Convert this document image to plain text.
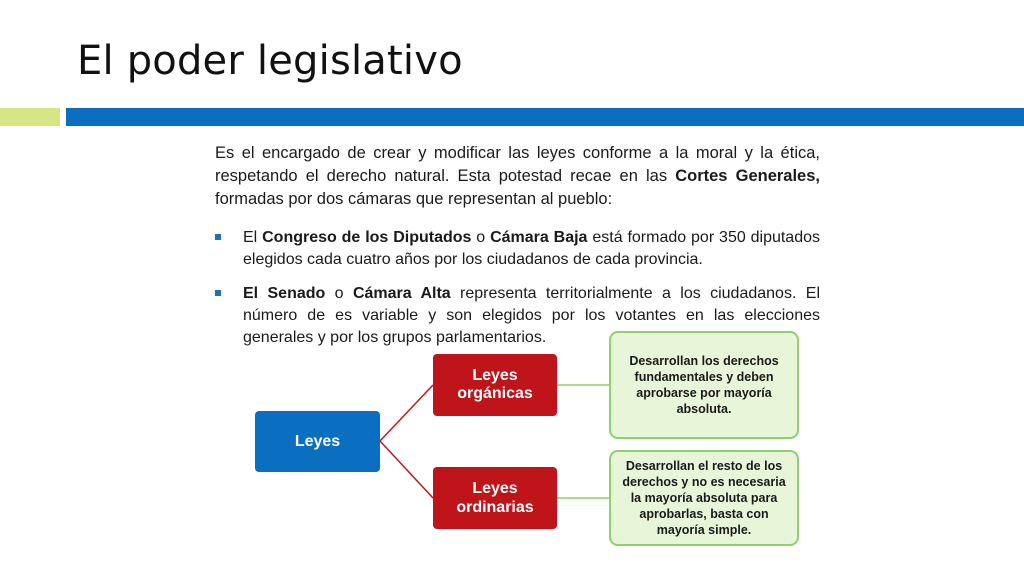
El poder legislativo

Es el encargado de crear y modificar las leyes conforme a la moral y la ética, respetando el derecho natural. Esta potestad recae en las Cortes Generales, formadas por dos cámaras que representan al pueblo:

El Congreso de los Diputados o Cámara Baja está formado por 350 diputados elegidos cada cuatro años por los ciudadanos de cada provincia.
El Senado o Cámara Alta representa territorialmente a los ciudadanos. El número de es variable y son elegidos por los votantes en las elecciones generales y por los grupos parlamentarios.
Leyes
Leyes orgánicas
Leyes ordinarias
Desarrollan los derechos fundamentales y deben aprobarse por mayoría absoluta.
Desarrollan el resto de los derechos y no es necesaria la mayoría absoluta para aprobarlas, basta con mayoría simple.
